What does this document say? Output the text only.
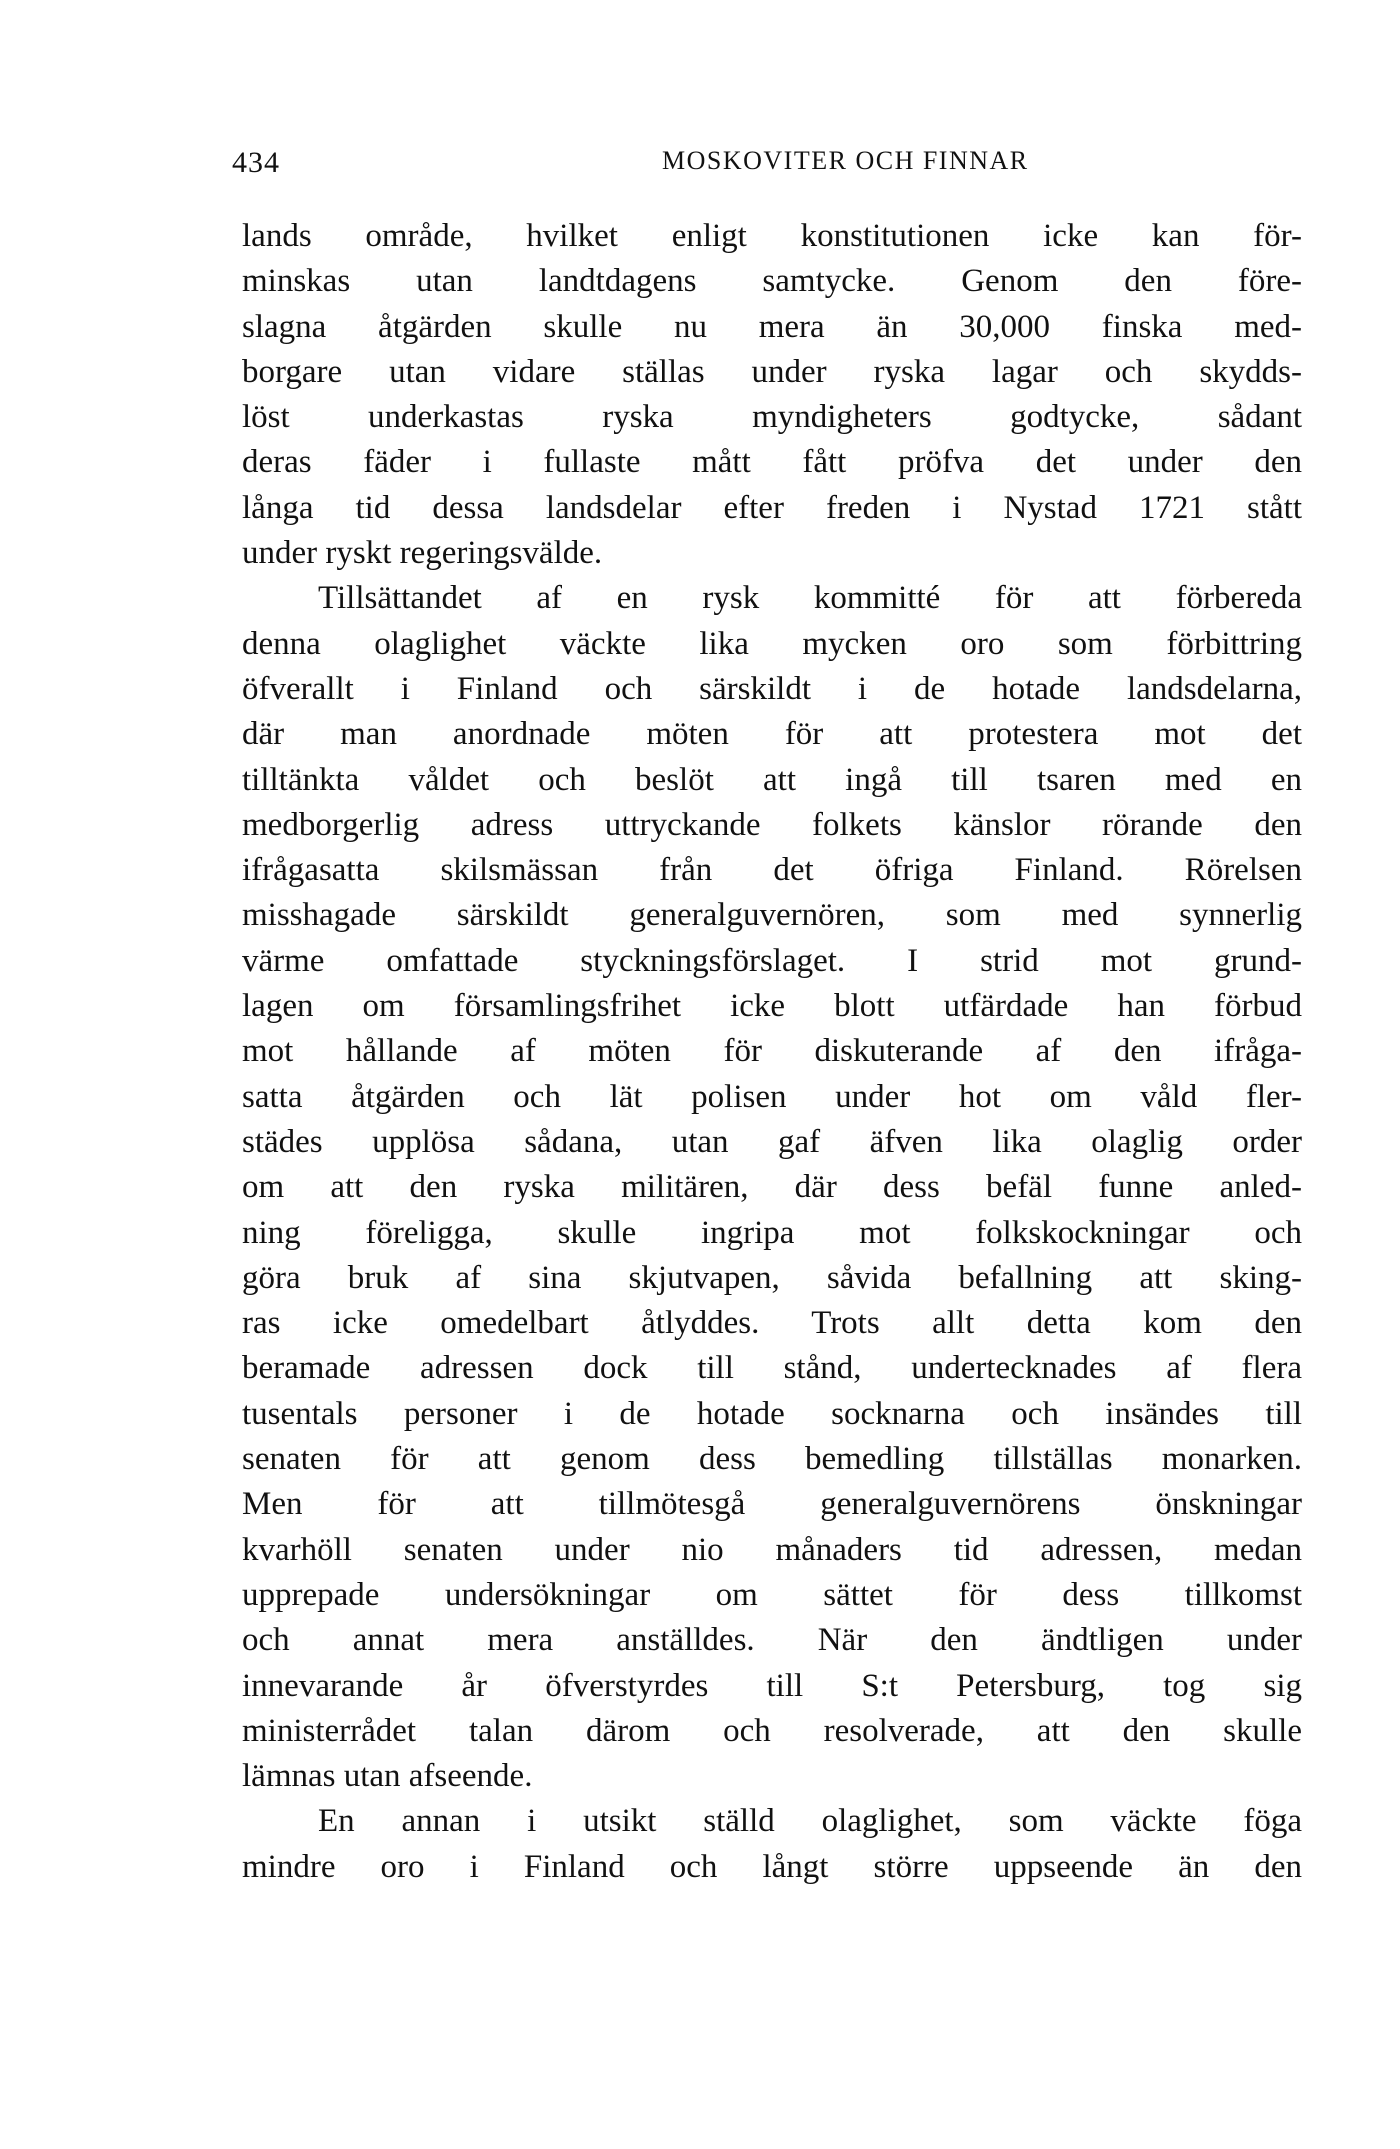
434	MOSKOVITER OCH FINNAR
lands område, hvilket enligt konstitutionen icke kan för-
minskas utan landtdagens samtycke. Genom den före-
slagna åtgärden skulle nu mera än 30,000 finska med-
borgare utan vidare ställas under ryska lagar och skydds-
löst underkastas ryska myndigheters godtycke, sådant
deras fäder i fullaste mått fått pröfva det under den
långa tid dessa landsdelar efter freden i Nystad 1721 stått
under ryskt regeringsvälde.
Tillsättandet af en rysk kommitté för att förbereda
denna olaglighet väckte lika mycken oro som förbittring
öfverallt i Finland och särskildt i de hotade landsdelarna,
där man anordnade möten för att protestera mot det
tilltänkta våldet och beslöt att ingå till tsaren med en
medborgerlig adress uttryckande folkets känslor rörande den
ifrågasatta skilsmässan från det öfriga Finland. Rörelsen
misshagade särskildt generalguvernören, som med synnerlig
värme omfattade styckningsförslaget. I strid mot grund-
lagen om församlingsfrihet icke blott utfärdade han förbud
mot hållande af möten för diskuterande af den ifråga-
satta åtgärden och lät polisen under hot om våld fler-
städes upplösa sådana, utan gaf äfven lika olaglig order
om att den ryska militären, där dess befäl funne anled-
ning föreligga, skulle ingripa mot folkskockningar och
göra bruk af sina skjutvapen, såvida befallning att sking-
ras icke omedelbart åtlyddes. Trots allt detta kom den
beramade adressen dock till stånd, undertecknades af flera
tusentals personer i de hotade socknarna och insändes till
senaten för att genom dess bemedling tillställas monarken.
Men för att tillmötesgå generalguvernörens önskningar
kvarhöll senaten under nio månaders tid adressen, medan
upprepade undersökningar om sättet för dess tillkomst
och annat mera anställdes. När den ändtligen under
innevarande år öfverstyrdes till S:t Petersburg, tog sig
ministerrådet talan därom och resolverade, att den skulle
lämnas utan afseende.
En annan i utsikt ställd olaglighet, som väckte föga
mindre oro i Finland och långt större uppseende än den
